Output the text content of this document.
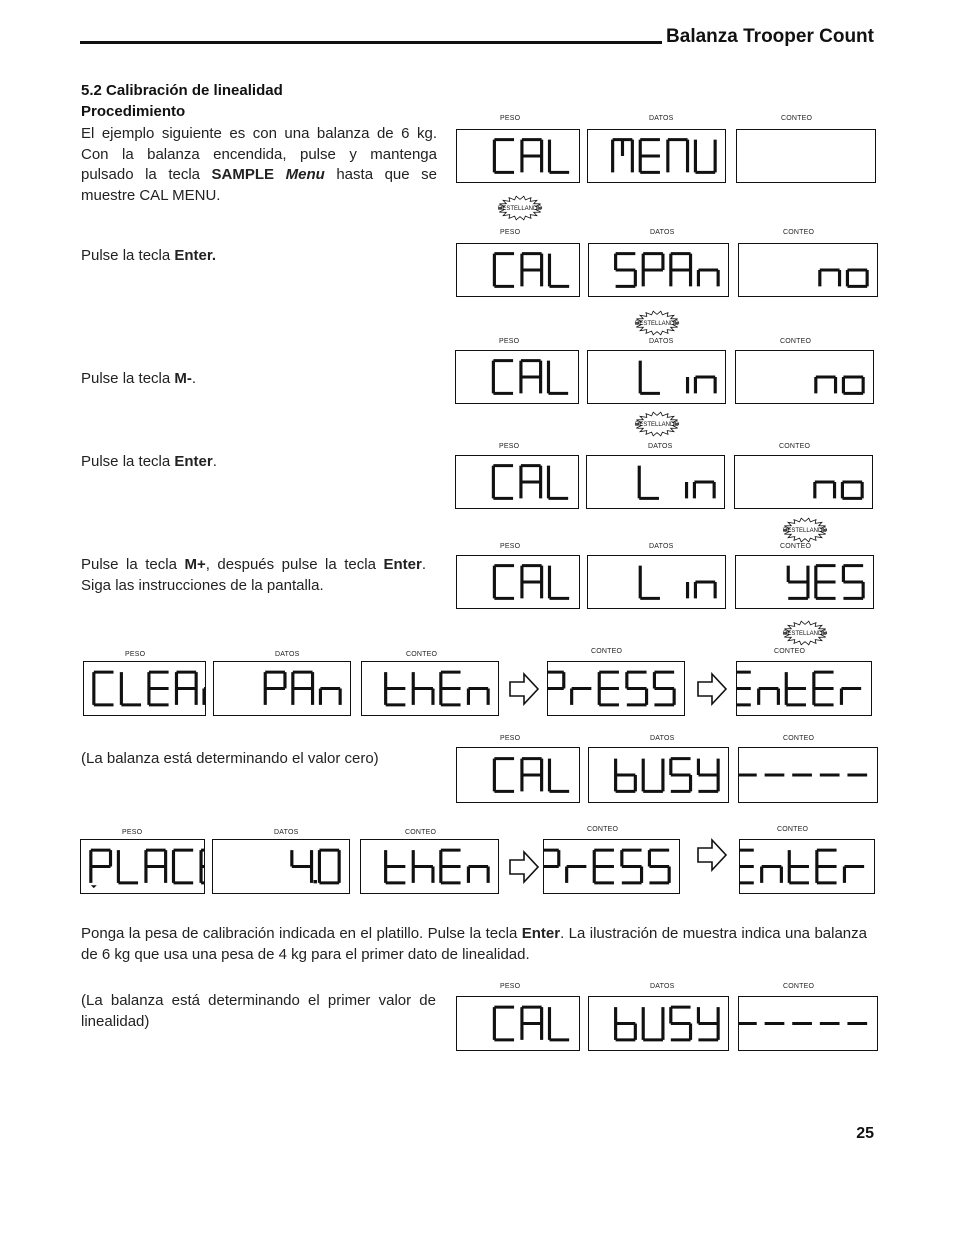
Balanza Trooper Count
5.2 Calibración de linealidad
Procedimiento
El ejemplo siguiente es con una balanza de 6 kg. Con la balanza encendida, pulse y mantenga pulsado la tecla SAMPLE Menu hasta que se muestre CAL MENU.
Pulse la tecla Enter.
Pulse la tecla M-.
Pulse la tecla Enter.
Pulse la tecla M+, después pulse la tecla Enter. Siga las instrucciones de la pantalla.
(La balanza está determinando el valor cero)
Ponga la pesa de calibración indicada en el platillo. Pulse la tecla Enter. La ilustración de muestra indica una balanza de 6 kg que usa una pesa de 4 kg para el primer dato de linealidad.
(La balanza está determinando el primer valor de linealidad)
PESO	DATOS	CONTEO
PESO	DATOS	CONTEO
PESO	DATOS	CONTEO
PESO	DATOS	CONTEO
PESO	DATOS	CONTEO
PESO	DATOS	CONTEO
PESO	DATOS	CONTEO
DESTELLANDO
DESTELLANDO
DESTELLANDO
DESTELLANDO
DESTELLANDO
PESO	DATOS	CONTEO	CONTEO	CONTEO
PESO	DATOS	CONTEO	CONTEO	CONTEO
25
